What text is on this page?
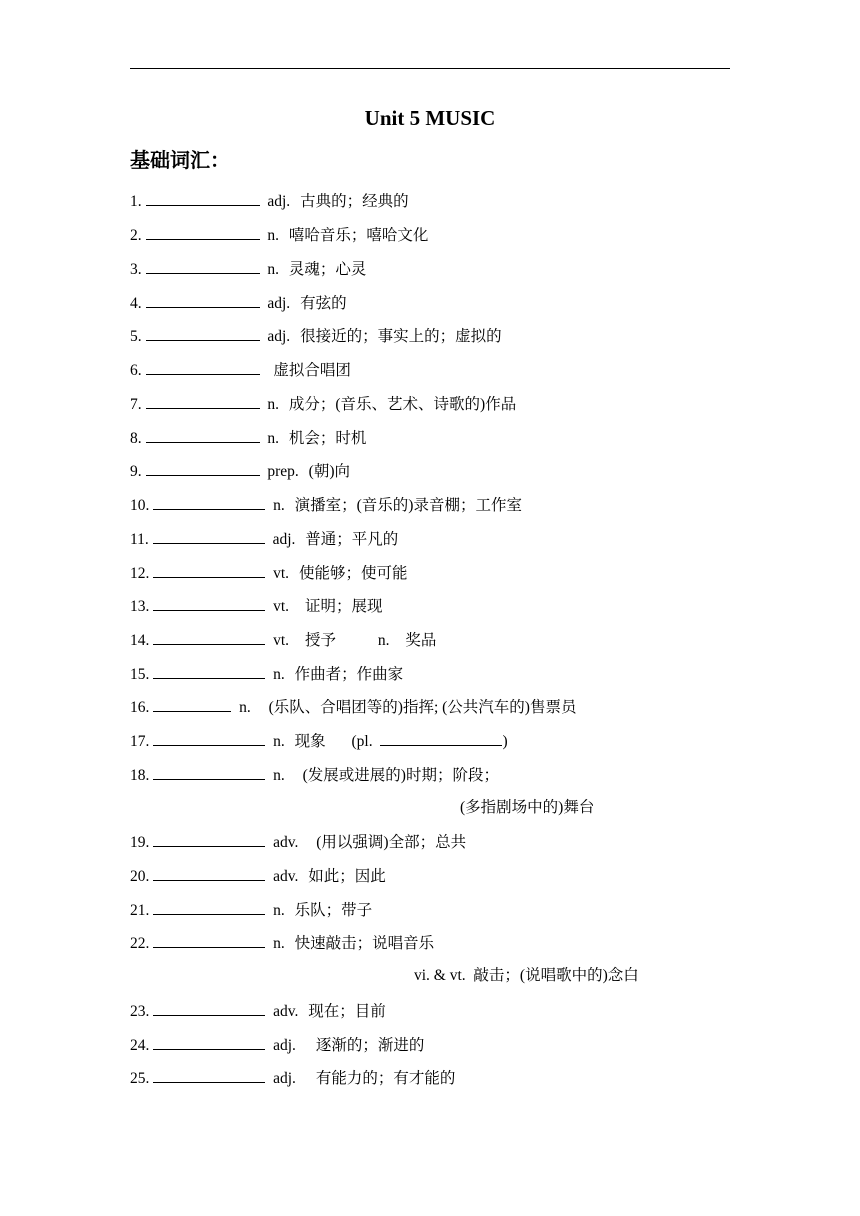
Unit 5 MUSIC
基础词汇：
1.	adj. 古典的；经典的
2.	n. 嘻哈音乐；嘻哈文化
3.	n. 灵魂；心灵
4.	adj. 有弦的
5.	adj. 很接近的；事实上的；虚拟的
6.	虚拟合唱团
7.	n. 成分；(音乐、艺术、诗歌的)作品
8.	n. 机会；时机
9.	prep. (朝)向
10.	n. 演播室；(音乐的)录音棚；工作室
11.	adj. 普通；平凡的
12.	vt. 使能够；使可能
13.	vt. 证明；展现
14.	vt. 授予	n. 奖品
15.	n. 作曲者；作曲家
16.	n. (乐队、合唱团等的)指挥; (公共汽车的)售票员
17.	n. 现象 (pl.	)
18.	n. (发展或进展的)时期；阶段；
(多指剧场中的)舞台
19.	adv. (用以强调)全部；总共
20.	adv. 如此；因此
21.	n. 乐队；带子
22.	n. 快速敲击；说唱音乐
vi. & vt.  敲击；(说唱歌中的)念白
23.	adv. 现在；目前
24.	adj. 逐渐的；渐进的
25.	adj. 有能力的；有才能的
